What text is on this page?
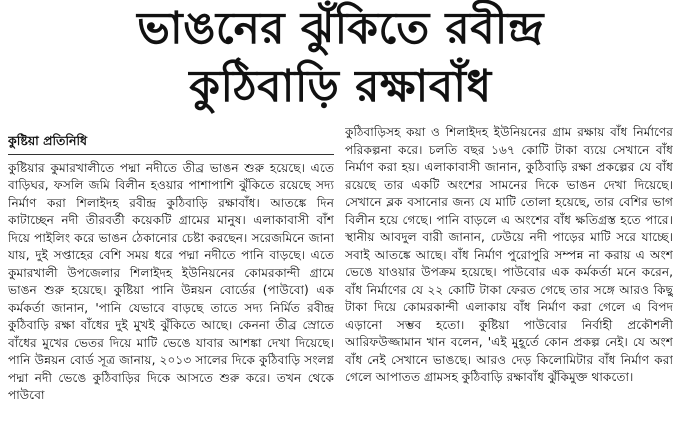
ভাঙনের ঝুঁকিতে রবীন্দ্র
কুঠিবাড়ি রক্ষাবাঁধ
কুষ্টিয়া প্রতিনিধি

কুষ্টিয়ার কুমারখালীতে পদ্মা নদীতে তীব্র ভাঙন শুরু হয়েছে। এতে বাড়িঘর, ফসলি জমি বিলীন হওয়ার পাশাপাশি ঝুঁকিতে রয়েছে সদ্য নির্মাণ করা শিলাইদহ রবীন্দ্র কুঠিবাড়ি রক্ষাবাঁধ। আতঙ্কে দিন কাটাচ্ছেন নদী তীরবর্তী কয়েকটি গ্রামের মানুষ। এলাকাবাসী বাঁশ দিয়ে পাইলিং করে ভাঙন ঠেকানোর চেষ্টা করছেন। সরেজমিনে জানা যায়, দুই সপ্তাহের বেশি সময় ধরে পদ্মা নদীতে পানি বাড়ছে। এতে কুমারখালী উপজেলার শিলাইদহ ইউনিয়নের কোমরকান্দী গ্রামে ভাঙন শুরু হয়েছে। কুষ্টিয়া পানি উন্নয়ন বোর্ডের (পাউবো) এক কর্মকর্তা জানান, 'পানি যেভাবে বাড়ছে তাতে সদ্য নির্মিত রবীন্দ্র কুঠিবাড়ি রক্ষা বাঁধের দুই মুখই ঝুঁকিতে আছে। কেননা তীব্র স্রোতে বাঁধের মুখের ভেতর দিয়ে মাটি ভেঙে যাবার আশঙ্কা দেখা দিয়েছে। পানি উন্নয়ন বোর্ড সূত্র জানায়, ২০১৩ সালের দিকে কুঠিবাড়ি সংলগ্ন পদ্মা নদী ভেঙে কুঠিবাড়ির দিকে আসতে শুরু করে। তখন থেকে পাউবো

কুঠিবাড়িসহ কয়া ও শিলাইদহ ইউনিয়নের গ্রাম রক্ষায় বাঁধ নির্মাণের পরিকল্পনা করে। চলতি বছর ১৬৭ কোটি টাকা ব্যয়ে সেখানে বাঁধ নির্মাণ করা হয়। এলাকাবাসী জানান, কুঠিবাড়ি রক্ষা প্রকল্পের যে বাঁধ রয়েছে তার একটি অংশের সামনের দিকে ভাঙন দেখা দিয়েছে। সেখানে ব্লক বসানোর জন্য যে মাটি তোলা হয়েছে, তার বেশির ভাগ বিলীন হয়ে গেছে। পানি বাড়লে এ অংশের বাঁধ ক্ষতিগ্রস্ত হতে পারে। স্থানীয় আবদুল বারী জানান, ঢেউয়ে নদী পাড়ের মাটি সরে যাচ্ছে। সবাই আতঙ্কে আছে। বাঁধ নির্মাণ পুরোপুরি সম্পন্ন না করায় এ অংশ ভেঙে যাওয়ার উপক্রম হয়েছে। পাউবোর এক কর্মকর্তা মনে করেন, বাঁধ নির্মাণের যে ২২ কোটি টাকা ফেরত গেছে তার সঙ্গে আরও কিছু টাকা দিয়ে কোমরকান্দী এলাকায় বাঁধ নির্মাণ করা গেলে এ বিপদ এড়ানো সম্ভব হতো। কুষ্টিয়া পাউবোর নির্বাহী প্রকৌশলী আরিফউজ্জামান খান বলেন, 'এই মুহূর্তে কোন প্রকল্প নেই। যে অংশ বাঁধ নেই সেখানে ভাঙছে। আরও দেড় কিলোমিটার বাঁধ নির্মাণ করা গেলে আপাতত গ্রামসহ কুঠিবাড়ি রক্ষাবাঁধ ঝুঁকিমুক্ত থাকতো।
